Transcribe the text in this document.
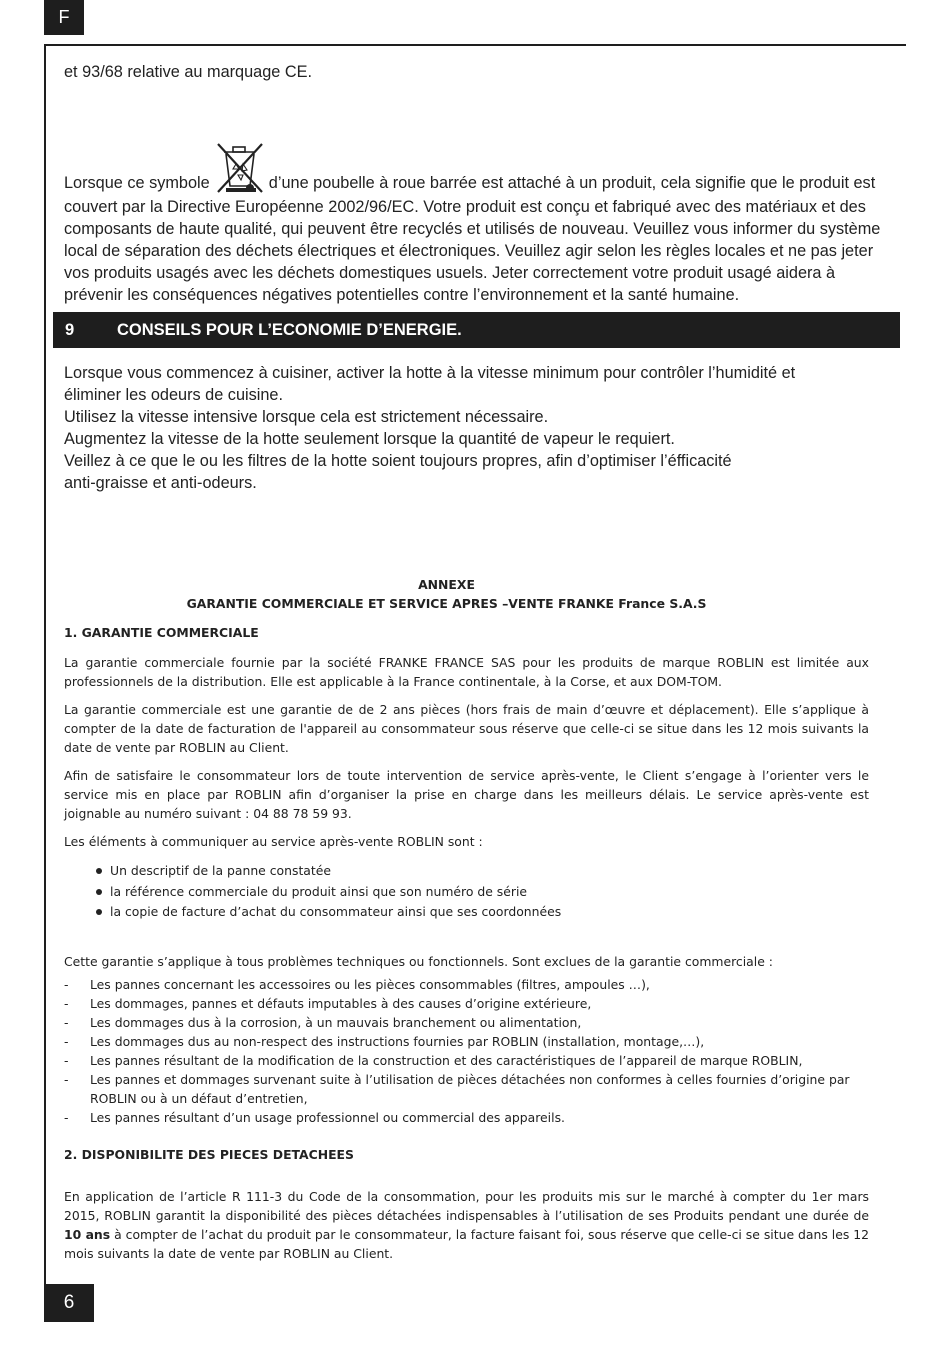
F
6

et 93/68 relative au marquage CE.

Lorsque ce symbole	d’une poubelle à roue barrée est attaché à un produit, cela signifie que le produit est couvert par la Directive Européenne 2002/96/EC. Votre produit est conçu et fabriqué avec des matériaux et des composants de haute qualité, qui peuvent être recyclés et utilisés de nouveau. Veuillez vous informer du système local de séparation des déchets électriques et électroniques. Veuillez agir selon les règles locales et ne pas jeter vos produits usagés avec les déchets domestiques usuels. Jeter correctement votre produit usagé aidera à prévenir les conséquences négatives potentielles contre l’environnement et la santé humaine.

9	CONSEILS POUR L’ECONOMIE D’ENERGIE.

Lorsque vous commencez à cuisiner, activer la hotte à la vitesse minimum pour contrôler l’humidité et

éliminer les odeurs de cuisine.

Utilisez la vitesse intensive lorsque cela est strictement nécessaire.

Augmentez la vitesse de la hotte seulement lorsque la quantité de vapeur le requiert.

Veillez à ce que le ou les filtres de la hotte soient toujours propres, afin d’optimiser l’éfficacité

anti-graisse et anti-odeurs.

ANNEXE
GARANTIE COMMERCIALE ET SERVICE APRES –VENTE FRANKE France S.A.S
1. GARANTIE COMMERCIALE

La garantie commerciale fournie par la société FRANKE FRANCE SAS pour les produits de marque ROBLIN est limitée aux professionnels de la distribution. Elle est applicable à la France continentale, à la Corse, et aux DOM-TOM.

La garantie commerciale est une garantie de de 2 ans pièces (hors frais de main d’œuvre et déplacement). Elle s’applique à compter de la date de facturation de l'appareil au consommateur sous réserve que celle-ci se situe dans les 12 mois suivants la date de vente par ROBLIN au Client.

Afin de satisfaire le consommateur lors de toute intervention de service après-vente, le Client s’engage à l’orienter vers le service mis en place par ROBLIN afin d’organiser la prise en charge dans les meilleurs délais. Le service après-vente est joignable au numéro suivant : 04 88 78 59 93.

Les éléments à communiquer au service après-vente ROBLIN sont :

Un descriptif de la panne constatée
la référence commerciale du produit ainsi que son numéro de série
la copie de facture d’achat du consommateur ainsi que ses coordonnées

Cette garantie s’applique à tous problèmes techniques ou fonctionnels. Sont exclues de la garantie commerciale :

- Les pannes concernant les accessoires ou les pièces consommables (filtres, ampoules …),
- Les dommages, pannes et défauts imputables à des causes d’origine extérieure,
- Les dommages dus à la corrosion, à un mauvais branchement ou alimentation,
- Les dommages dus au non-respect des instructions fournies par ROBLIN (installation, montage,…),
- Les pannes résultant de la modification de la construction et des caractéristiques de l’appareil de marque ROBLIN,
- Les pannes et dommages survenant suite à l’utilisation de pièces détachées non conformes à celles fournies d’origine par ROBLIN ou à un défaut d’entretien,
- Les pannes résultant d’un usage professionnel ou commercial des appareils.
2. DISPONIBILITE DES PIECES DETACHEES

En application de l’article R 111-3 du Code de la consommation, pour les produits mis sur le marché à compter du 1er mars 2015, ROBLIN garantit la disponibilité des pièces détachées indispensables à l’utilisation de ses Produits pendant une durée de 10 ans à compter de l’achat du produit par le consommateur, la facture faisant foi, sous réserve que celle-ci se situe dans les 12 mois suivants la date de vente par ROBLIN au Client.
